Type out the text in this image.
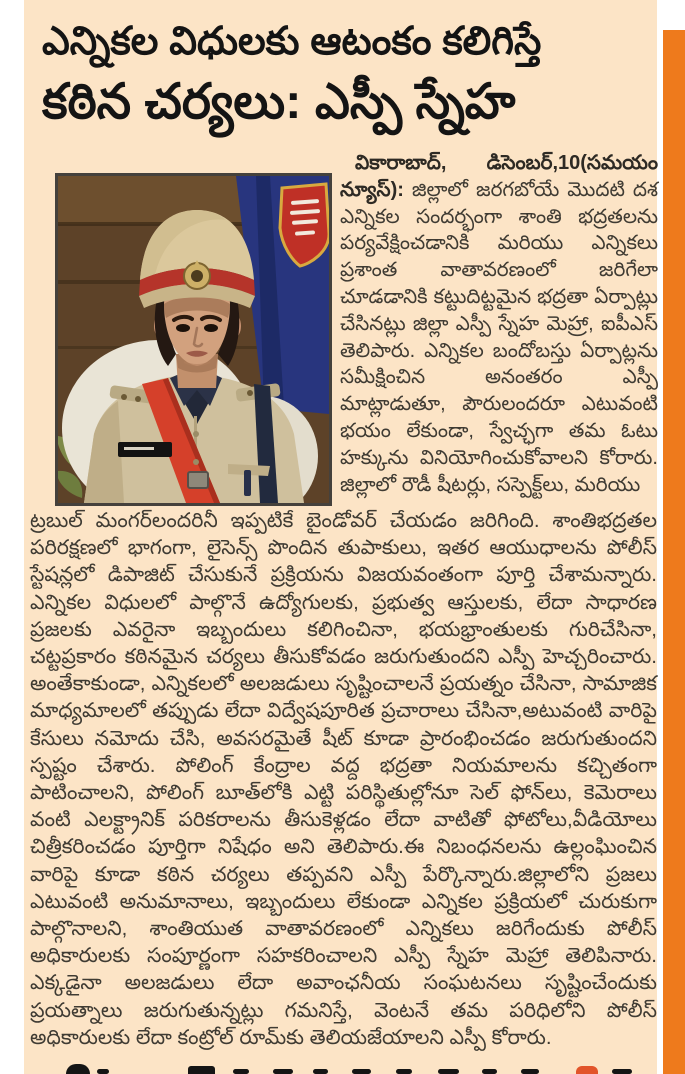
ఎన్నికల విధులకు ఆటంకం కలిగిస్తే
కఠిన చర్యలు: ఎస్పీ స్నేహ

వికారాబాద్, డిసెంబర్,10(సమయం న్యూస్): జిల్లాలో జరగబోయే మొదటి దశ ఎన్నికల సందర్భంగా శాంతి భద్రతలను పర్యవేక్షించడానికి మరియు ఎన్నికలు ప్రశాంత వాతావరణంలో జరిగేలా చూడడానికి కట్టుదిట్టమైన భద్రతా ఏర్పాట్లు చేసినట్లు జిల్లా ఎస్పీ స్నేహ మెహ్రా, ఐపీఎస్ తెలిపారు. ఎన్నికల బందోబస్తు ఏర్పాట్లను సమీక్షించిన అనంతరం ఎస్పీ మాట్లాడుతూ, పౌరులందరూ ఎటువంటి భయం లేకుండా, స్వేచ్ఛగా తమ ఓటు హక్కును వినియోగించుకోవాలని కోరారు. జిల్లాలో రౌడీ షీటర్లు, సస్పెక్ట్‌లు, మరియు

ట్రబుల్ మంగర్‌లందరినీ ఇప్పటికే బైండోవర్ చేయడం జరిగింది. శాంతిభద్రతల పరిరక్షణలో భాగంగా, లైసెన్స్ పొందిన తుపాకులు, ఇతర ఆయుధాలను పోలీస్ స్టేషన్లలో డిపాజిట్ చేసుకునే ప్రక్రియను విజయవంతంగా పూర్తి చేశామన్నారు. ఎన్నికల విధులలో పాల్గొనే ఉద్యోగులకు, ప్రభుత్వ ఆస్తులకు, లేదా సాధారణ ప్రజలకు ఎవరైనా ఇబ్బందులు కలిగించినా, భయభ్రాంతులకు గురిచేసినా, చట్టప్రకారం కఠినమైన చర్యలు తీసుకోవడం జరుగుతుందని ఎస్పీ హెచ్చరించారు. అంతేకాకుండా, ఎన్నికలలో అలజడులు సృష్టించాలనే ప్రయత్నం చేసినా, సామాజిక మాధ్యమాలలో తప్పుడు లేదా విద్వేషపూరిత ప్రచారాలు చేసినా,అటువంటి వారిపై కేసులు నమోదు చేసి, అవసరమైతే షీట్ కూడా ప్రారంభించడం జరుగుతుందని స్పష్టం చేశారు. పోలింగ్ కేంద్రాల వద్ద భద్రతా నియమాలను కచ్చితంగా పాటించాలని, పోలింగ్ బూత్‌లోకి ఎట్టి పరిస్థితుల్లోనూ సెల్ ఫోన్‌లు, కెమెరాలు వంటి ఎలక్ట్రానిక్ పరికరాలను తీసుకెళ్లడం లేదా వాటితో ఫోటోలు,వీడియోలు చిత్రీకరించడం పూర్తిగా నిషేధం అని తెలిపారు.ఈ నిబంధనలను ఉల్లంఘించిన వారిపై కూడా కఠిన చర్యలు తప్పవని ఎస్పీ పేర్కొన్నారు.జిల్లాలోని ప్రజలు ఎటువంటి అనుమానాలు, ఇబ్బందులు లేకుండా ఎన్నికల ప్రక్రియలో చురుకుగా పాల్గొనాలని, శాంతియుత వాతావరణంలో ఎన్నికలు జరిగేందుకు పోలీస్ అధికారులకు సంపూర్ణంగా సహకరించాలని ఎస్పీ స్నేహ మెహ్రా తెలిపినారు. ఎక్కడైనా అలజడులు లేదా అవాంఛనీయ సంఘటనలు సృష్టించేందుకు ప్రయత్నాలు జరుగుతున్నట్లు గమనిస్తే, వెంటనే తమ పరిధిలోని పోలీస్ అధికారులకు లేదా కంట్రోల్ రూమ్‌కు తెలియజేయాలని ఎస్పీ కోరారు.
